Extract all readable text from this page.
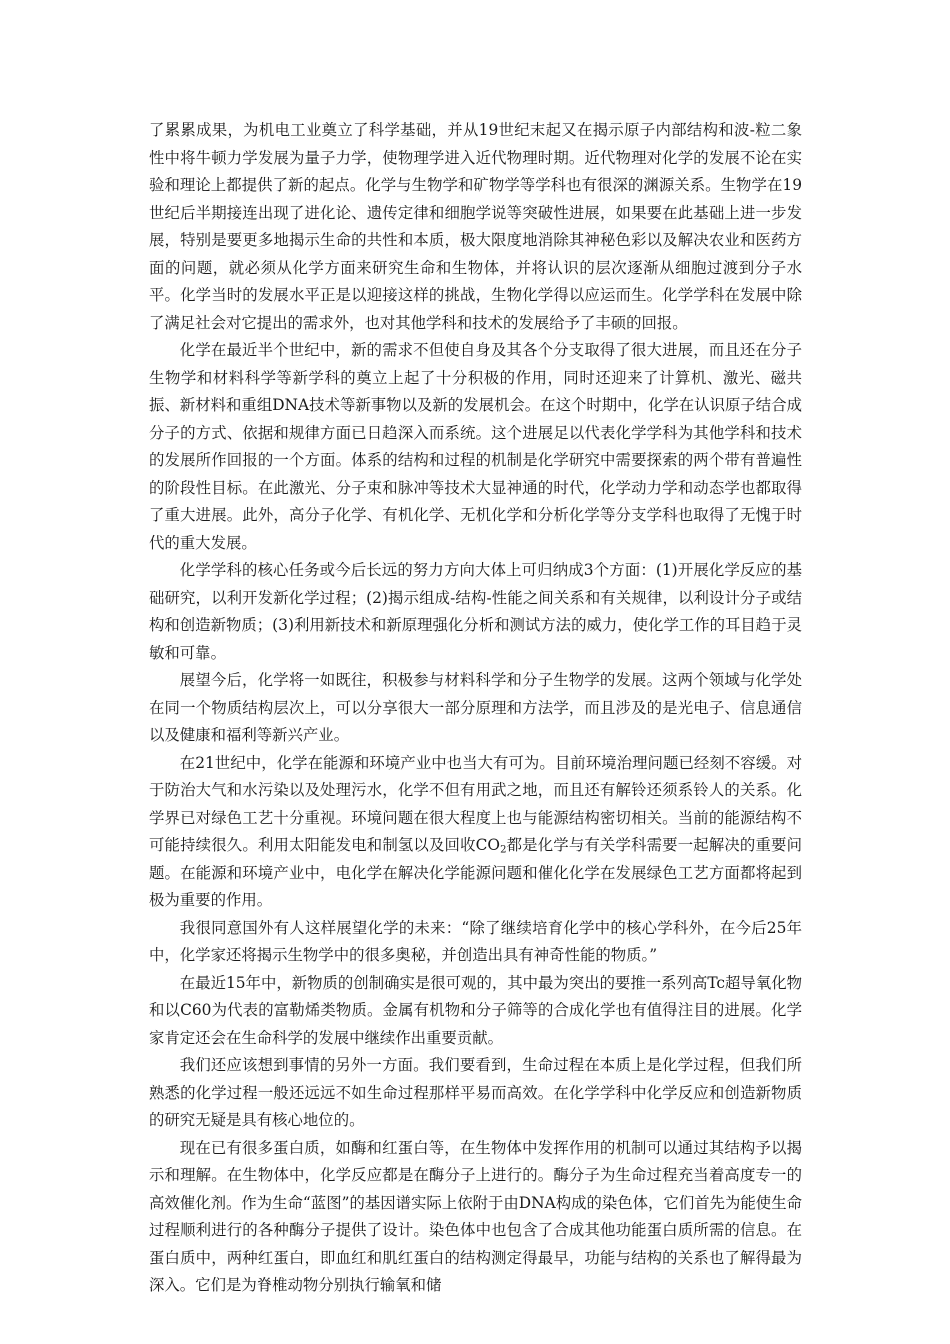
了累累成果，为机电工业奠立了科学基础，并从19世纪末起又在揭示原子内部结构和波-粒二象性中将牛顿力学发展为量子力学，使物理学进入近代物理时期。近代物理对化学的发展不论在实验和理论上都提供了新的起点。化学与生物学和矿物学等学科也有很深的渊源关系。生物学在19世纪后半期接连出现了进化论、遗传定律和细胞学说等突破性进展，如果要在此基础上进一步发展，特别是要更多地揭示生命的共性和本质，极大限度地消除其神秘色彩以及解决农业和医药方面的问题，就必须从化学方面来研究生命和生物体，并将认识的层次逐渐从细胞过渡到分子水平。化学当时的发展水平正是以迎接这样的挑战，生物化学得以应运而生。化学学科在发展中除了满足社会对它提出的需求外，也对其他学科和技术的发展给予了丰硕的回报。

化学在最近半个世纪中，新的需求不但使自身及其各个分支取得了很大进展，而且还在分子生物学和材料科学等新学科的奠立上起了十分积极的作用，同时还迎来了计算机、激光、磁共振、新材料和重组DNA技术等新事物以及新的发展机会。在这个时期中，化学在认识原子结合成分子的方式、依据和规律方面已日趋深入而系统。这个进展足以代表化学学科为其他学科和技术的发展所作回报的一个方面。体系的结构和过程的机制是化学研究中需要探索的两个带有普遍性的阶段性目标。在此激光、分子束和脉冲等技术大显神通的时代，化学动力学和动态学也都取得了重大进展。此外，高分子化学、有机化学、无机化学和分析化学等分支学科也取得了无愧于时代的重大发展。

化学学科的核心任务或今后长远的努力方向大体上可归纳成3个方面：(1)开展化学反应的基础研究，以利开发新化学过程；(2)揭示组成-结构-性能之间关系和有关规律，以利设计分子或结构和创造新物质；(3)利用新技术和新原理强化分析和测试方法的威力，使化学工作的耳目趋于灵敏和可靠。

展望今后，化学将一如既往，积极参与材料科学和分子生物学的发展。这两个领域与化学处在同一个物质结构层次上，可以分享很大一部分原理和方法学，而且涉及的是光电子、信息通信以及健康和福利等新兴产业。

在21世纪中，化学在能源和环境产业中也当大有可为。目前环境治理问题已经刻不容缓。对于防治大气和水污染以及处理污水，化学不但有用武之地，而且还有解铃还须系铃人的关系。化学界已对绿色工艺十分重视。环境问题在很大程度上也与能源结构密切相关。当前的能源结构不可能持续很久。利用太阳能发电和制氢以及回收$CO_2$都是化学与有关学科需要一起解决的重要问题。在能源和环境产业中，电化学在解决化学能源问题和催化化学在发展绿色工艺方面都将起到极为重要的作用。

我很同意国外有人这样展望化学的未来：“除了继续培育化学中的核心学科外，在今后25年中，化学家还将揭示生物学中的很多奥秘，并创造出具有神奇性能的物质。”

在最近15年中，新物质的创制确实是很可观的，其中最为突出的要推一系列高Tc超导氧化物和以C60为代表的富勒烯类物质。金属有机物和分子筛等的合成化学也有值得注目的进展。化学家肯定还会在生命科学的发展中继续作出重要贡献。

我们还应该想到事情的另外一方面。我们要看到，生命过程在本质上是化学过程，但我们所熟悉的化学过程一般还远远不如生命过程那样平易而高效。在化学学科中化学反应和创造新物质的研究无疑是具有核心地位的。

现在已有很多蛋白质，如酶和红蛋白等，在生物体中发挥作用的机制可以通过其结构予以揭示和理解。在生物体中，化学反应都是在酶分子上进行的。酶分子为生命过程充当着高度专一的高效催化剂。作为生命“蓝图”的基因谱实际上依附于由DNA构成的染色体，它们首先为能使生命过程顺利进行的各种酶分子提供了设计。染色体中也包含了合成其他功能蛋白质所需的信息。在蛋白质中，两种红蛋白，即血红和肌红蛋白的结构测定得最早，功能与结构的关系也了解得最为深入。它们是为脊椎动物分别执行输氧和储
